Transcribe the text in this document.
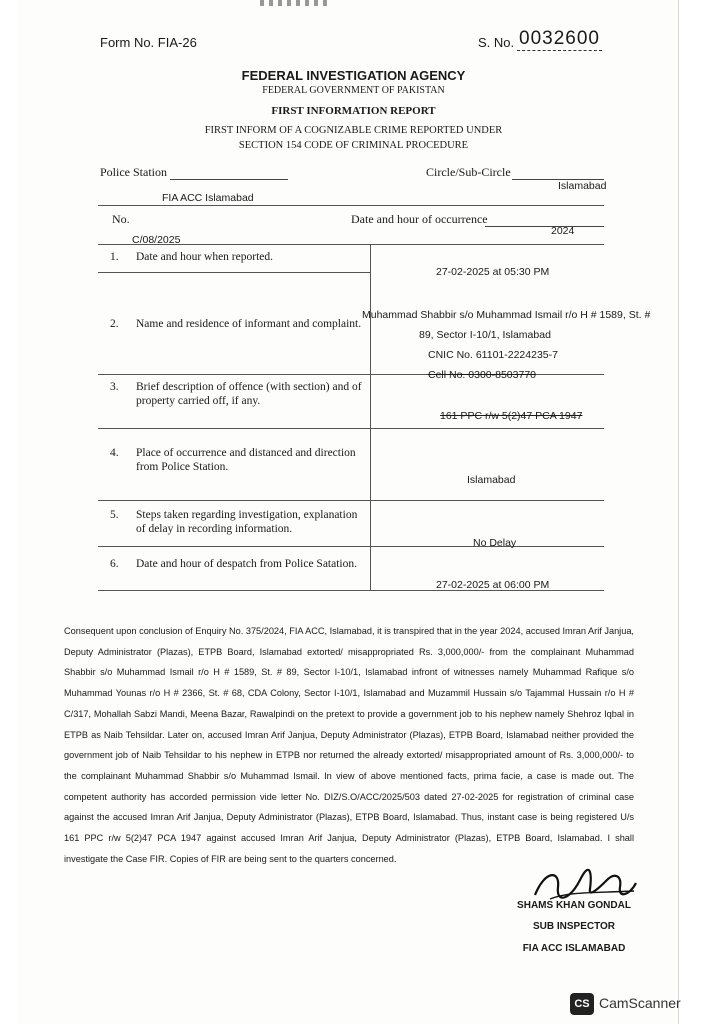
Form No. FIA-26	S. No. 0032600
FEDERAL INVESTIGATION AGENCY
FEDERAL GOVERNMENT OF PAKISTAN
FIRST INFORMATION REPORT
FIRST INFORM OF A COGNIZABLE CRIME REPORTED UNDER
SECTION 154 CODE OF CRIMINAL PROCEDURE
Police Station
FIA ACC Islamabad
Circle/Sub-Circle
Islamabad
No.
C/08/2025
Date and hour of occurrence
2024
1. Date and hour when reported.
27-02-2025 at 05:30 PM
2. Name and residence of informant and complaint.
Muhammad Shabbir s/o Muhammad Ismail r/o H # 1589, St. #
89, Sector I-10/1, Islamabad
CNIC No. 61101-2224235-7
Cell No. 0300-8503770
3. Brief description of offence (with section) and of property carried off, if any.
161 PPC r/w 5(2)47 PCA 1947
4. Place of occurrence and distanced and direction from Police Station.
Islamabad
5. Steps taken regarding investigation, explanation of delay in recording information.
No Delay
6. Date and hour of despatch from Police Satation.
27-02-2025 at 06:00 PM
Consequent upon conclusion of Enquiry No. 375/2024, FIA ACC, Islamabad, it is transpired that in the year 2024, accused Imran Arif Janjua, Deputy Administrator (Plazas), ETPB Board, Islamabad extorted/ misappropriated Rs. 3,000,000/- from the complainant Muhammad Shabbir s/o Muhammad Ismail r/o H # 1589, St. # 89, Sector I-10/1, Islamabad infront of witnesses namely Muhammad Rafique s/o Muhammad Younas r/o H # 2366, St. # 68, CDA Colony, Sector I-10/1, Islamabad and Muzammil Hussain s/o Tajammal Hussain r/o H # C/317, Mohallah Sabzi Mandi, Meena Bazar, Rawalpindi on the pretext to provide a government job to his nephew namely Shehroz Iqbal in ETPB as Naib Tehsildar. Later on, accused Imran Arif Janjua, Deputy Administrator (Plazas), ETPB Board, Islamabad neither provided the government job of Naib Tehsildar to his nephew in ETPB nor returned the already extorted/ misappropriated amount of Rs. 3,000,000/- to the complainant Muhammad Shabbir s/o Muhammad Ismail. In view of above mentioned facts, prima facie, a case is made out. The competent authority has accorded permission vide letter No. DIZ/S.O/ACC/2025/503 dated 27-02-2025 for registration of criminal case against the accused Imran Arif Janjua, Deputy Administrator (Plazas), ETPB Board, Islamabad. Thus, instant case is being registered U/s 161 PPC r/w 5(2)47 PCA 1947 against accused Imran Arif Janjua, Deputy Administrator (Plazas), ETPB Board, Islamabad. I shall investigate the Case FIR. Copies of FIR are being sent to the quarters concerned.
SHAMS KHAN GONDAL
SUB INSPECTOR
FIA ACC ISLAMABAD
CS CamScanner
